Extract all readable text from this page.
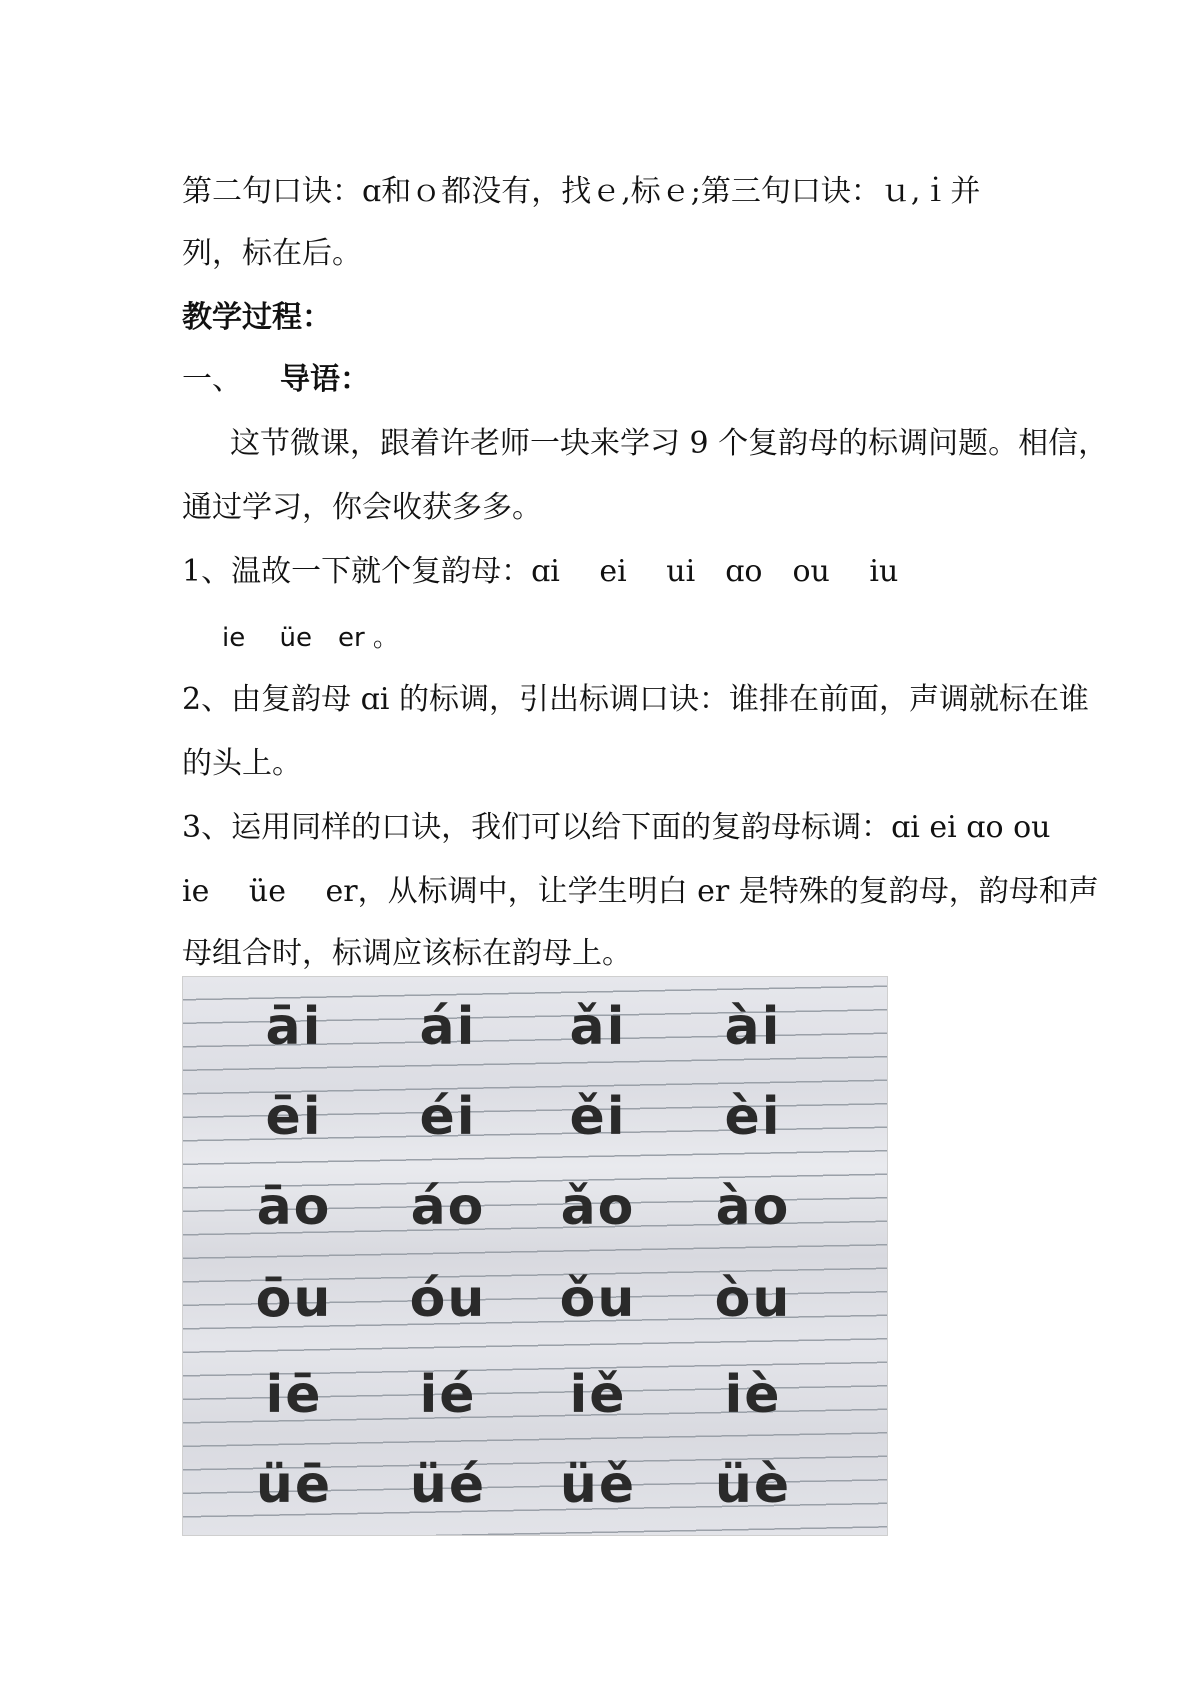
第二句口诀：ɑ和ｏ都没有，找ｅ,标ｅ;第三句口诀：ｕ,ｉ并
列，标在后。
教学过程：
一、 导语：
这节微课，跟着许老师一块来学习 9 个复韵母的标调问题。相信，
通过学习，你会收获多多。
1、温故一下就个复韵母：ɑi　 ei　 ui　ɑo　ou　 iu
ie　 üe　er 。
2、由复韵母 ɑi 的标调，引出标调口诀：谁排在前面，声调就标在谁
的头上。
3、运用同样的口诀，我们可以给下面的复韵母标调：ɑi ei ɑo ou
ie　 üe　 er，从标调中，让学生明白 er 是特殊的复韵母，韵母和声
母组合时，标调应该标在韵母上。
āi	ái	ǎi	ài
ēi	éi	ěi	èi
āo	áo	ǎo	ào
ōu	óu	ǒu	òu
iē	ié	iě	iè
üē	üé	üě	üè
